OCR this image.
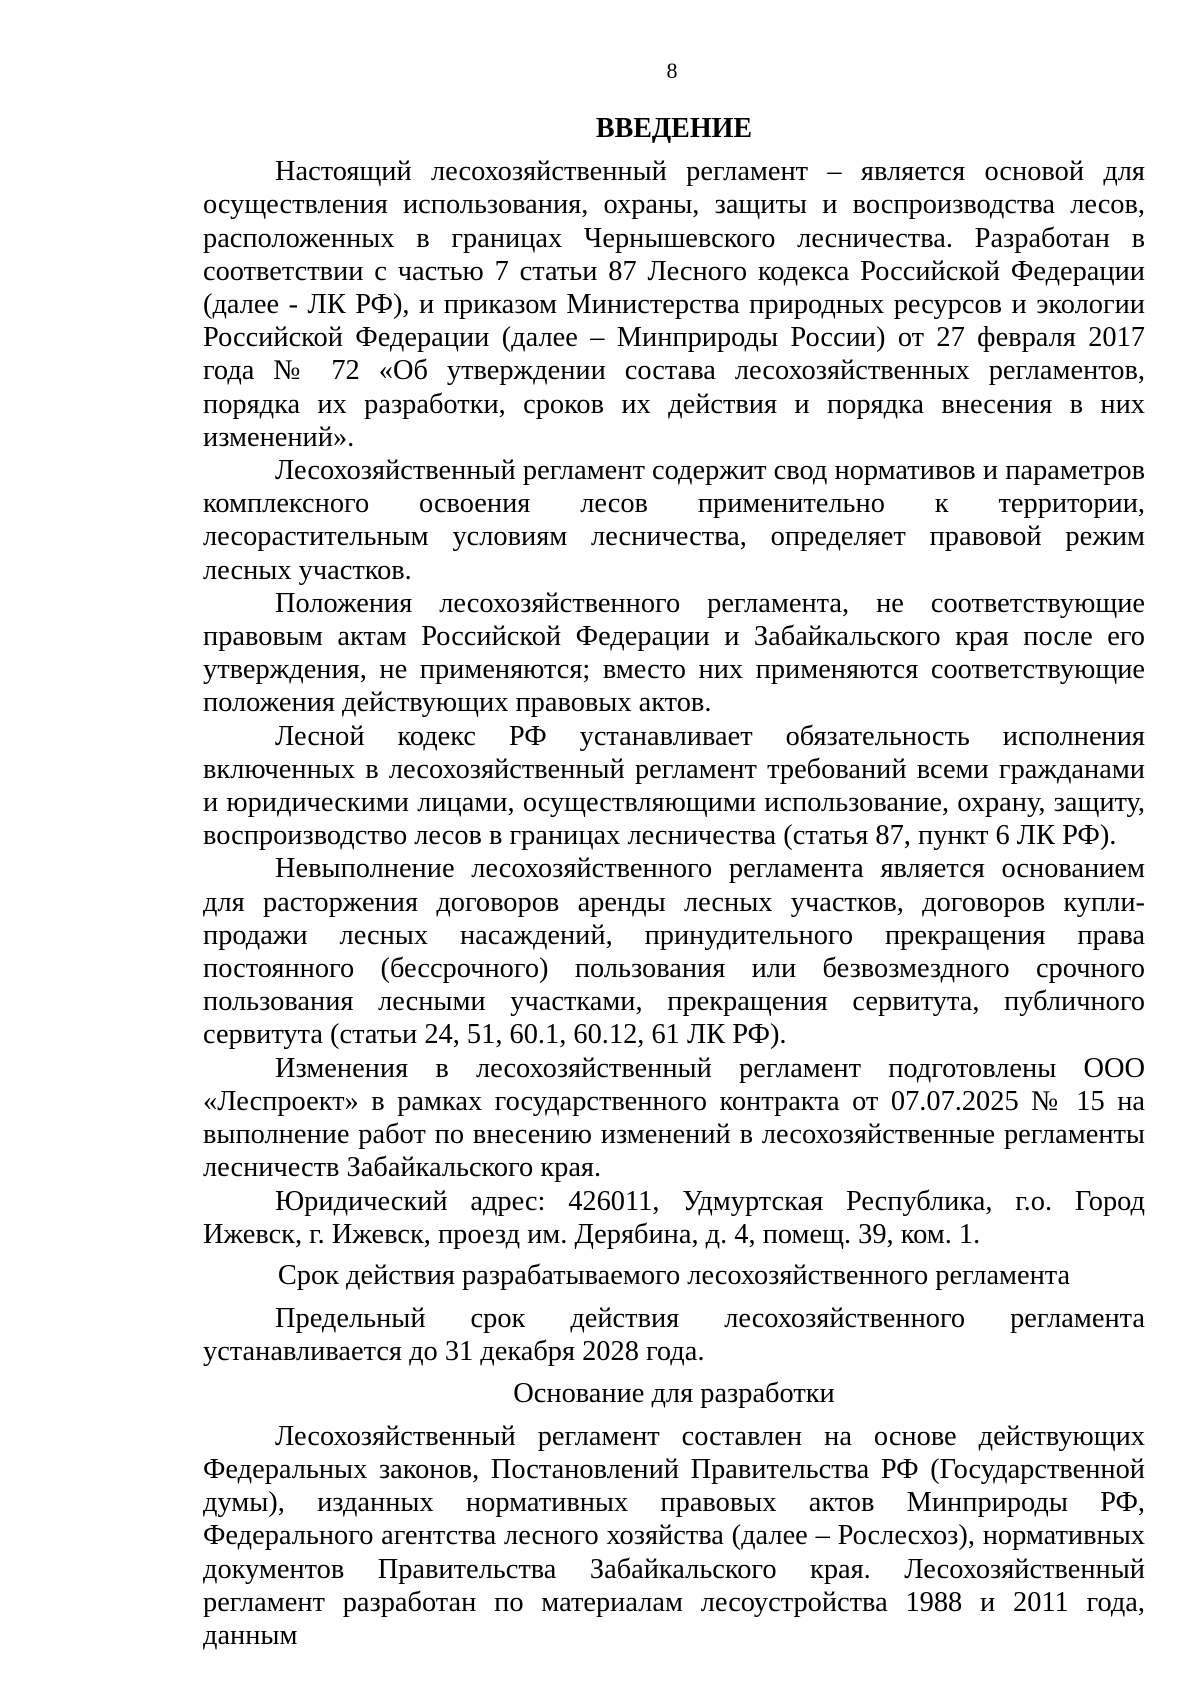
8
ВВЕДЕНИЕ

Настоящий лесохозяйственный регламент – является основой для осуществления использования, охраны, защиты и воспроизводства лесов, расположенных в границах Чернышевского лесничества. Разработан в соответствии с частью 7 статьи 87 Лесного кодекса Российской Федерации (далее - ЛК РФ), и приказом Министерства природных ресурсов и экологии Российской Федерации (далее – Минприроды России) от 27 февраля 2017 года № 72 «Об утверждении состава лесохозяйственных регламентов, порядка их разработки, сроков их действия и порядка внесения в них изменений».

Лесохозяйственный регламент содержит свод нормативов и параметров комплексного освоения лесов применительно к территории, лесорастительным условиям лесничества, определяет правовой режим лесных участков.

Положения лесохозяйственного регламента, не соответствующие правовым актам Российской Федерации и Забайкальского края после его утверждения, не применяются; вместо них применяются соответствующие положения действующих правовых актов.

Лесной кодекс РФ устанавливает обязательность исполнения включенных в лесохозяйственный регламент требований всеми гражданами и юридическими лицами, осуществляющими использование, охрану, защиту, воспроизводство лесов в границах лесничества (статья 87, пункт 6 ЛК РФ).

Невыполнение лесохозяйственного регламента является основанием для расторжения договоров аренды лесных участков, договоров купли-продажи лесных насаждений, принудительного прекращения права постоянного (бессрочного) пользования или безвозмездного срочного пользования лесными участками, прекращения сервитута, публичного сервитута (статьи 24, 51, 60.1, 60.12, 61 ЛК РФ).

Изменения в лесохозяйственный регламент подготовлены ООО «Леспроект» в рамках государственного контракта от 07.07.2025 № 15 на выполнение работ по внесению изменений в лесохозяйственные регламенты лесничеств Забайкальского края.

Юридический адрес: 426011, Удмуртская Республика, г.о. Город Ижевск, г. Ижевск, проезд им. Дерябина, д. 4, помещ. 39, ком. 1.

Срок действия разрабатываемого лесохозяйственного регламента

Предельный срок действия лесохозяйственного регламента устанавливается до 31 декабря 2028 года.

Основание для разработки

Лесохозяйственный регламент составлен на основе действующих Федеральных законов, Постановлений Правительства РФ (Государственной думы), изданных нормативных правовых актов Минприроды РФ, Федерального агентства лесного хозяйства (далее – Рослесхоз), нормативных документов Правительства Забайкальского края. Лесохозяйственный регламент разработан по материалам лесоустройства 1988 и 2011 года, данным
